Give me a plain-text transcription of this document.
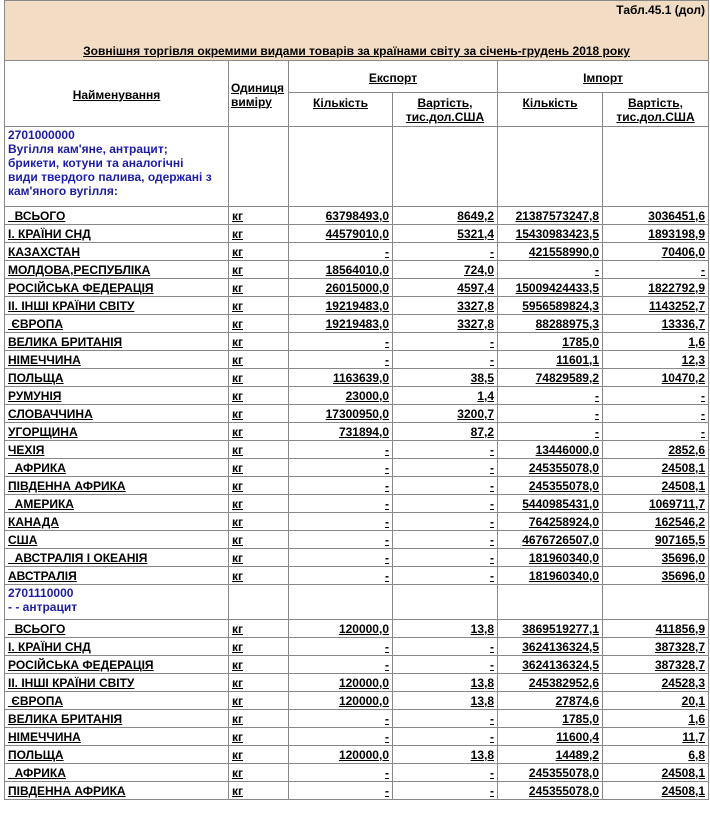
Табл.45.1 (дол)					
Зовнішня торгівля окремими видами товарів за країнами світу за січень-грудень 2018 року					
Найменування	Одиниця виміру	Експорт		Імпорт	
		Кількість	Вартість, тис.дол.США	Кількість	Вартість, тис.дол.США

2701000000
Вугілля кам'яне, антрацит;
брикети, котуни та аналогічні
види твердого палива, одержані з
кам'яного вугілля:					

ВСЬОГО	кг	63798493,0	8649,2	21387573247,8	3036451,6
І. КРАЇНИ СНД	кг	44579010,0	5321,4	15430983423,5	1893198,9
КАЗАХСТАН	кг	-	-	421558990,0	70406,0
МОЛДОВА,РЕСПУБЛІКА	кг	18564010,0	724,0	-	-
РОСІЙСЬКА ФЕДЕРАЦІЯ	кг	26015000,0	4597,4	15009424433,5	1822792,9
ІІ. ІНШІ КРАЇНИ СВІТУ	кг	19219483,0	3327,8	5956589824,3	1143252,7
ЄВРОПА	кг	19219483,0	3327,8	88288975,3	13336,7
ВЕЛИКА БРИТАНІЯ	кг	-	-	1785,0	1,6
НІМЕЧЧИНА	кг	-	-	11601,1	12,3
ПОЛЬЩА	кг	1163639,0	38,5	74829589,2	10470,2
РУМУНІЯ	кг	23000,0	1,4	-	-
СЛОВАЧЧИНА	кг	17300950,0	3200,7	-	-
УГОРЩИНА	кг	731894,0	87,2	-	-
ЧЕХІЯ	кг	-	-	13446000,0	2852,6
АФРИКА	кг	-	-	245355078,0	24508,1
ПІВДЕННА АФРИКА	кг	-	-	245355078,0	24508,1
АМЕРИКА	кг	-	-	5440985431,0	1069711,7
КАНАДА	кг	-	-	764258924,0	162546,2
США	кг	-	-	4676726507,0	907165,5
АВСТРАЛІЯ І ОКЕАНІЯ	кг	-	-	181960340,0	35696,0
АВСТРАЛІЯ	кг	-	-	181960340,0	35696,0

2701110000
- - антрацит					

ВСЬОГО	кг	120000,0	13,8	3869519277,1	411856,9
І. КРАЇНИ СНД	кг	-	-	3624136324,5	387328,7
РОСІЙСЬКА ФЕДЕРАЦІЯ	кг	-	-	3624136324,5	387328,7
ІІ. ІНШІ КРАЇНИ СВІТУ	кг	120000,0	13,8	245382952,6	24528,3
ЄВРОПА	кг	120000,0	13,8	27874,6	20,1
ВЕЛИКА БРИТАНІЯ	кг	-	-	1785,0	1,6
НІМЕЧЧИНА	кг	-	-	11600,4	11,7
ПОЛЬЩА	кг	120000,0	13,8	14489,2	6,8
АФРИКА	кг	-	-	245355078,0	24508,1
ПІВДЕННА АФРИКА	кг	-	-	245355078,0	24508,1
